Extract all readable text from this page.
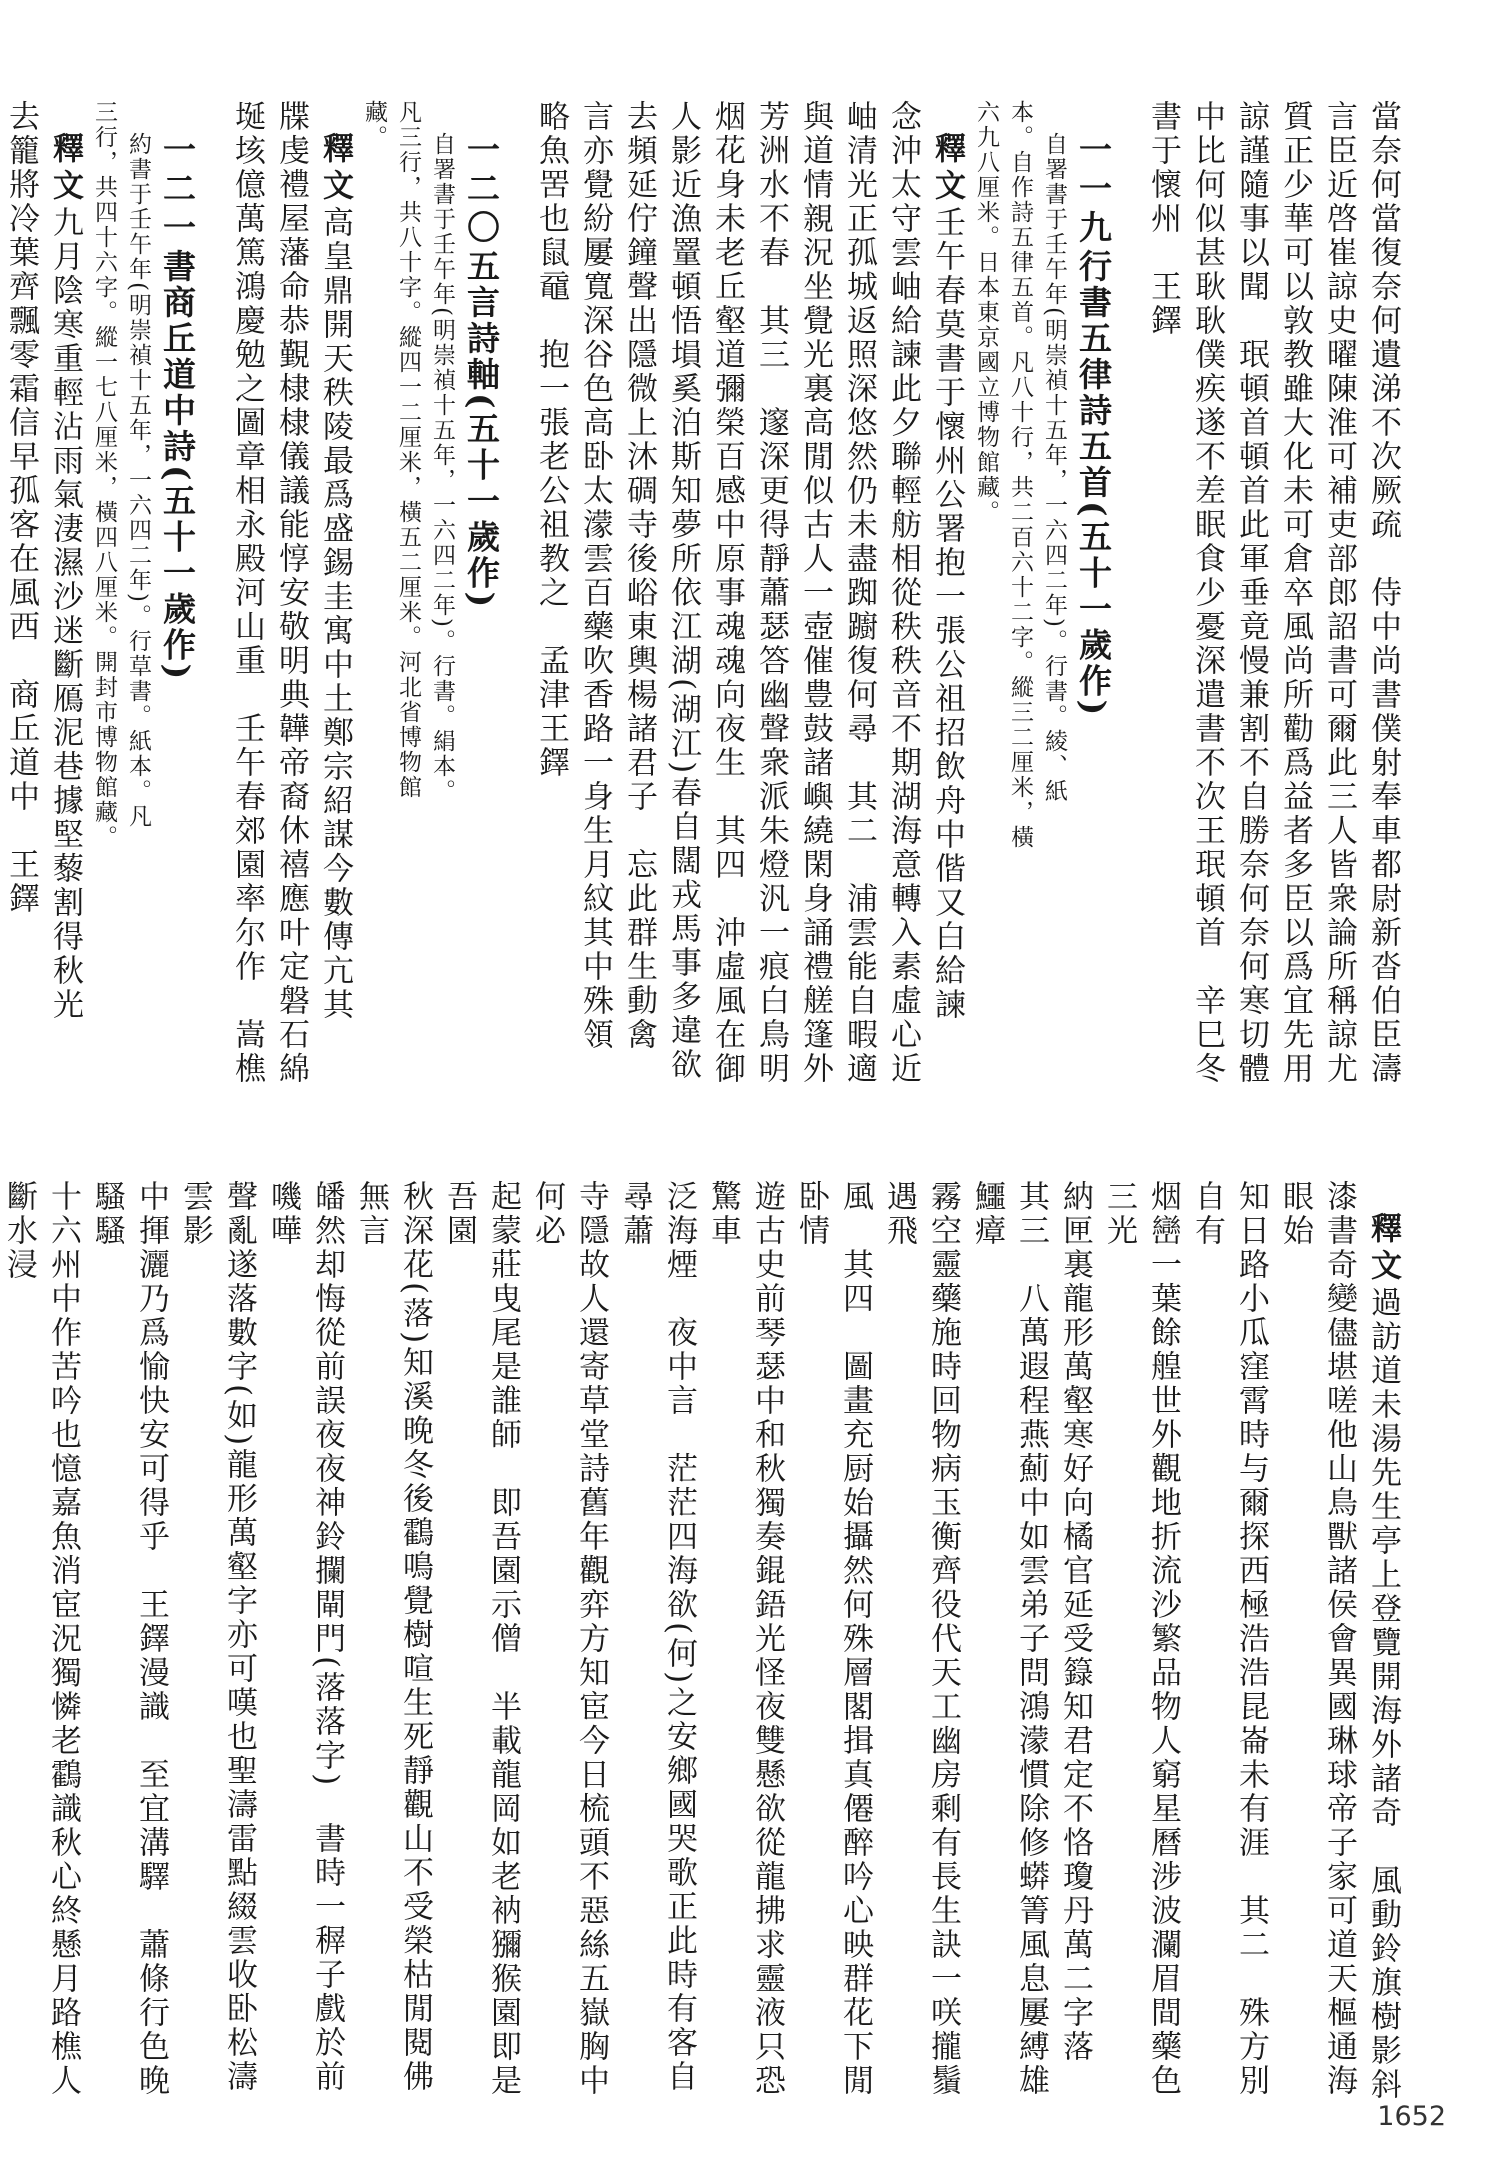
當奈何當復奈何遺涕不次厥疏　侍中尚書僕射奉車都尉新沓伯臣濤
言臣近啓崔諒史曜陳淮可補吏部郎詔書可爾此三人皆衆論所稱諒尤
質正少華可以敦教雖大化未可倉卒風尚所勸爲益者多臣以爲宜先用
諒謹隨事以聞　珉頓首頓首此軍垂竟慢兼割不自勝奈何奈何寒切體
中比何似甚耿耿僕疾遂不差眠食少憂深遣書不次王珉頓首　辛巳冬
書于懷州　王鐸
一一九行書五律詩五首(五十一歲作)
自署書于壬午年(明崇禎十五年，一六四二年)。行書。綾、紙
本。自作詩五律五首。凡八十行，共二百六十二字。縱三二厘米，橫
六九八厘米。日本東京國立博物館藏。
釋文壬午春莫書于懷州公署抱一張公祖招飲舟中偕又白給諫
念沖太守雲岫給諫此夕聯輕舫相從秩秩音不期湖海意轉入素虛心近
岫清光正孤城返照深悠然仍未盡踟躕復何尋　其二　浦雲能自暇適
與道情親況坐覺光裏高閒似古人一壺催豊鼓諸嶼繞閑身誦禮艖篷外
芳洲水不春　其三　邃深更得靜蕭瑟答幽聲衆派朱燈汎一痕白鳥明
烟花身未老丘壑道彌榮百感中原事魂魂向夜生　其四　沖虛風在御
人影近漁罿頓悟塤奚泊斯知夢所依江湖(湖江)春自闊戎馬事多違欲
去頻延佇鐘聲出隱微上沐碉寺後峪東輿楊諸君子　忘此群生動禽
言亦覺紛屢寬深谷色高卧太濛雲百藥吹香路一身生月紋其中殊領
略魚罟也鼠黿　抱一張老公祖教之　孟津王鐸
一二〇五言詩軸(五十一歲作)
自署書于壬午年(明崇禎十五年，一六四二年)。行書。絹本。
凡三行，共八十字。縱四一二厘米，橫五二厘米。河北省博物館
藏。
釋文高皇鼎開天秩陵最爲盛錫圭寓中土鄭宗紹謀今數傳亢其
牒虔禮屋藩命恭覲棣棣儀議能惇安敬明典韡帝裔休禧應叶定磐石綿
埏垓億萬篤鴻慶勉之圖章相永殿河山重　壬午春郊園率尔作　嵩樵
一二一書商丘道中詩(五十一歲作)
約書于壬午年(明崇禎十五年，一六四二年)。行草書。紙本。凡
三行，共四十六字。縱一七八厘米，橫四八厘米。開封市博物館藏。
釋文九月陰寒重輕沾雨氣淒濕沙迷斷鴈泥巷據堅藜割得秋光
去籠將冷葉齊飄零霜信早孤客在風西　商丘道中　王鐸
釋文過訪道未湯先生亭上登覽開海外諸奇　風動鈴旗樹影斜
漆書奇變儘堪嗟他山鳥獸諸侯會異國琳球帝子家可道天樞通海眼始
知日路小瓜窪霄時与爾探西極浩浩昆崙未有涯　其二　殊方別自有
烟巒一葉餘艎世外觀地折流沙繁品物人窮星曆涉波瀾眉間藥色三光
納匣裏龍形萬壑寒好向橘官延受籙知君定不恪瓊丹萬二字落
其三　八萬遐程燕薊中如雲弟子問鴻濛慣除修蟒箐風息屢縛雄鱷瘴
霧空靈藥施時回物病玉衡齊役代天工幽房剩有長生訣一咲攏鬚遇飛
風　其四　圖畫充厨始攝然何殊層閣揖真僊醉吟心映群花下閒卧情
遊古史前琴瑟中和秋獨奏錕鋙光怪夜雙懸欲從龍拂求靈液只恐驚車
泛海煙　夜中言　茫茫四海欲(何)之安鄉國哭歌正此時有客自尋蕭
寺隱故人還寄草堂詩舊年觀弈方知宦今日梳頭不惡絲五嶽胸中何必
起蒙莊曳尾是誰師　即吾園示僧　半載龍岡如老衲獼猴園即是吾園
秋深花(落)知溪晚冬後鸖鳴覺樹喧生死靜觀山不受榮枯閒閱佛無言
皤然却悔從前誤夜夜神鈴攔閘門(落落字)　書時一稺子戲於前嘰嘩
聲亂遂落數字(如)龍形萬壑字亦可嘆也聖濤雷點綴雲收卧松濤雲影
中揮灑乃爲愉快安可得乎　王鐸漫識　至宜溝驛　蕭條行色晚騷騷
十六州中作苦吟也憶嘉魚消宦況獨憐老鸖識秋心終懸月路樵人斷水浸
1652
